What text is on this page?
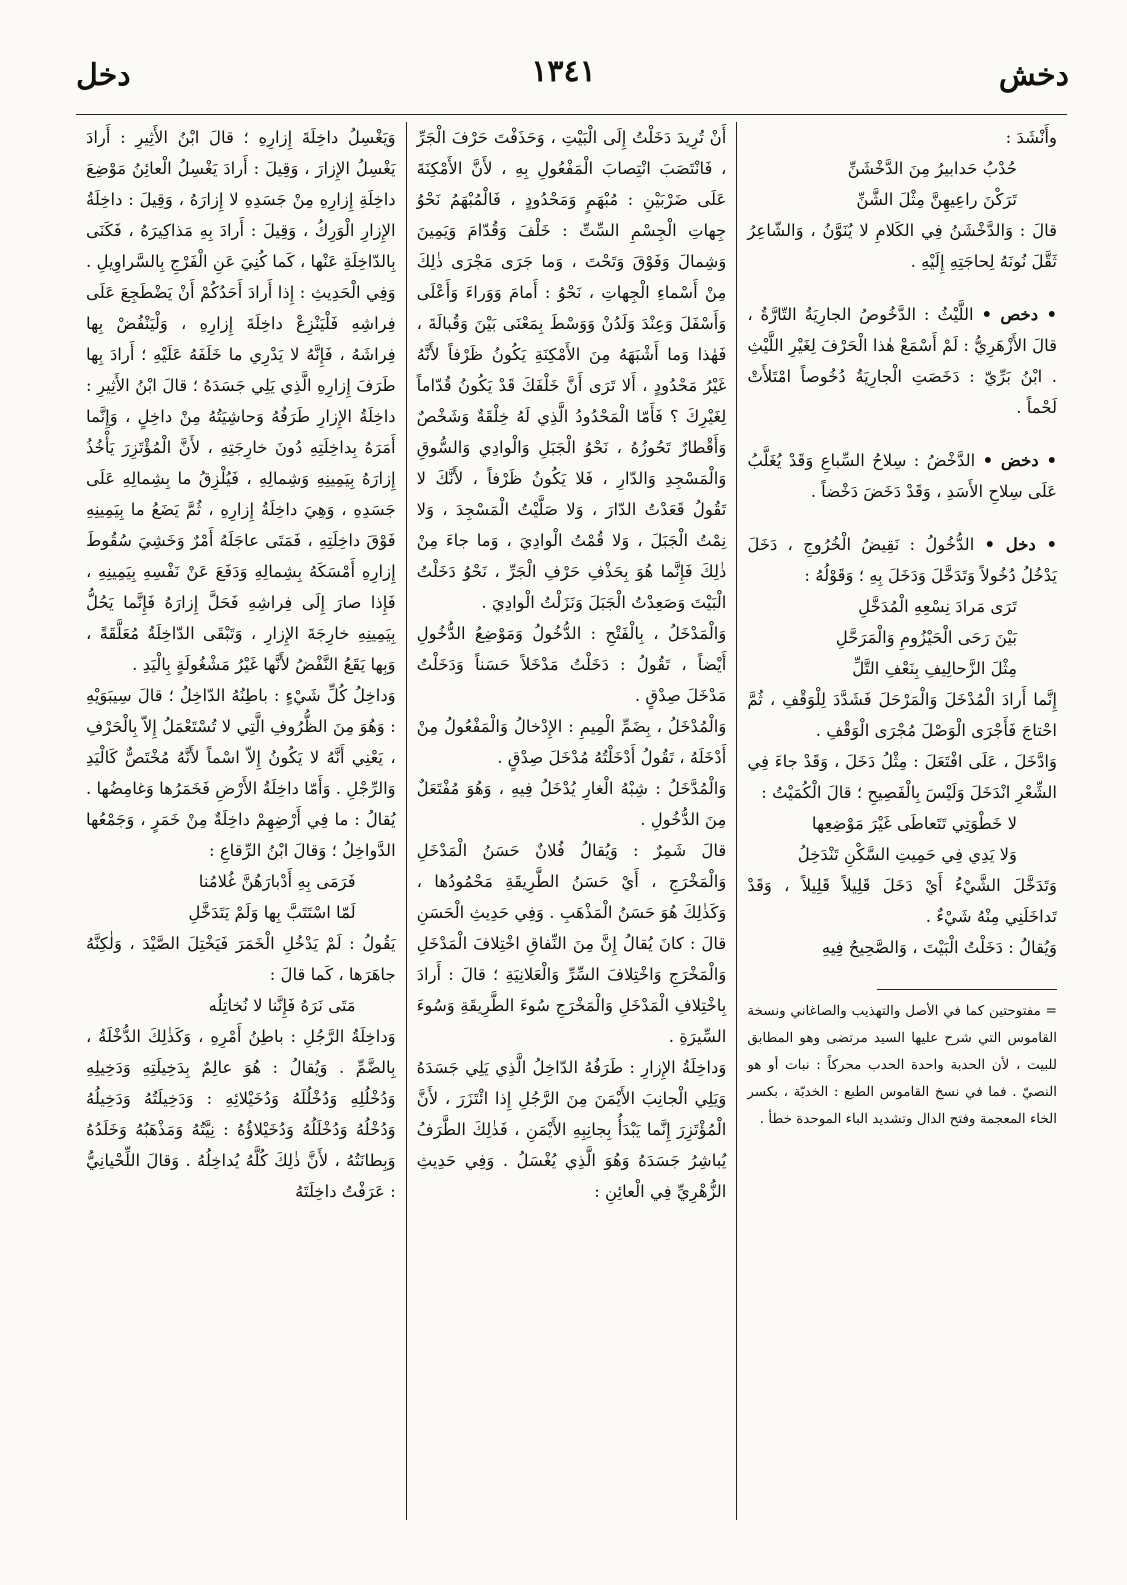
دخش
١٣٤١
دخل
وأَنْشَدَ :
حُدْبُ حَدابيرُ مِنَ الدَّخْشَنِّ
تَرَكْنَ راعِيهِنَّ مِثْلَ الشَّنِّ
قالَ : وَالدَّخْشَنُ فِي الكَلامِ لا يُنَوَّنُ ، وَالشّاعِرُ ثَقَّلَ نُونَهُ لِحاجَتِهِ إِلَيْهِ .
• دخص • اللَّيْثُ : الدَّخُوصُ الجارِيَةُ التّارَّةُ ، قالَ الأَزْهَرِيُّ : لَمْ أَسْمَعْ هٰذا الْحَرْفَ لِغَيْرِ اللَّيْثِ . ابْنُ بَرِّيّ : دَخَصَتِ الْجارِيَةُ دُخُوصاً امْتَلأَتْ لَحْماً .
• دخض • الدَّخْضُ : سِلاحُ السِّباعِ وَقَدْ يُغَلَّبُ عَلَى سِلاحِ الأَسَدِ ، وَقَدْ دَخَضَ دَخْضاً .
• دخل • الدُّخُولُ : نَقِيضُ الْخُرُوجِ ، دَخَلَ يَدْخُلُ دُخُولاً وَتَدَخَّلَ وَدَخَلَ بِهِ ؛ وَقَوْلُهُ :
تَرَى مَرادَ نِسْعِهِ الْمُدَخَّلِ
بَيْنَ رَحَى الْحَيْزُومِ وَالْمَرَحَّلِ
مِثْلَ الزَّحالِيفِ بِنَعْفِ التَّلِّ
إِنَّما أَرادَ الْمُدْخَلَ وَالْمَرْحَلَ فَشَدَّدَ لِلْوَقْفِ ، ثُمَّ احْتاجَ فَأَجْرَى الْوَصْلَ مُجْرَى الْوَقْفِ .
وَادَّخَلَ ، عَلَى افْتَعَلَ : مِثْلُ دَخَلَ ، وَقَدْ جاءَ فِي الشِّعْرِ انْدَخَلَ وَلَيْسَ بِالْفَصِيحِ ؛ قالَ الْكُمَيْتُ :
لا خَطْوَتِي تَتَعاطَى غَيْرَ مَوْضِعِها
وَلا يَدِي فِي حَمِيتِ السَّكْنِ تَنْدَخِلُ
وَتَدَخَّلَ الشَّيْءُ أَيْ دَخَلَ قَلِيلاً قَلِيلاً ، وَقَدْ تَداخَلَنِي مِنْهُ شَيْءٌ .
وَيُقالُ : دَخَلْتُ الْبَيْتَ ، وَالصَّحِيحُ فِيهِ
= مفتوحتين كما في الأصل والتهذيب والصاغاني ونسخة القاموس التي شرح عليها السيد مرتضى وهو المطابق للبيت ، لأن الحدبة واحدة الحدب محركاً : نبات أو هو النصيّ . فما في نسخ القاموس الطبع : الخدبّة ، بكسر الخاء المعجمة وفتح الدال وتشديد الباء الموحدة خطأ .
أَنْ تُرِيدَ دَخَلْتُ إِلَى الْبَيْتِ ، وَحَذَفْتَ حَرْفَ الْجَرِّ ، فَانْتَصَبَ انْتِصابَ الْمَفْعُولِ بِهِ ، لأَنَّ الأَمْكِنَةَ عَلَى ضَرْبَيْنِ : مُبْهَمٍ وَمَحْدُودٍ ، فَالْمُبْهَمُ نَحْوُ جِهاتِ الْجِسْمِ السِّتِّ : خَلْفَ وَقُدّامَ وَيَمِينَ وَشِمالَ وَفَوْقَ وَتَحْتَ ، وَما جَرَى مَجْرَى ذٰلِكَ مِنْ أَسْماءِ الْجِهاتِ ، نَحْوُ : أَمامَ وَوَراءَ وَأَعْلَى وَأَسْفَلَ وَعِنْدَ وَلَدُنْ وَوَسْطَ بِمَعْنَى بَيْنَ وَقُبالَةَ ، فَهٰذا وَما أَشْبَهَهُ مِنَ الأَمْكِنَةِ يَكُونُ ظَرْفاً لأَنَّهُ غَيْرُ مَحْدُودٍ ، أَلا تَرَى أَنَّ خَلْفَكَ قَدْ يَكُونُ قُدّاماً لِغَيْرِكَ ؟ فَأَمّا الْمَحْدُودُ الَّذِي لَهُ خِلْقَةٌ وَشَخْصٌ وَأَقْطارٌ تَحُوزُهُ ، نَحْوُ الْجَبَلِ وَالْوادِي وَالسُّوقِ وَالْمَسْجِدِ وَالدّارِ ، فَلا يَكُونُ ظَرْفاً ، لأَنَّكَ لا تَقُولُ قَعَدْتُ الدّارَ ، وَلا صَلَّيْتُ الْمَسْجِدَ ، وَلا نِمْتُ الْجَبَلَ ، وَلا قُمْتُ الْوادِيَ ، وَما جاءَ مِنْ ذٰلِكَ فَإِنَّما هُوَ بِحَذْفِ حَرْفِ الْجَرِّ ، نَحْوُ دَخَلْتُ الْبَيْتَ وَصَعِدْتُ الْجَبَلَ وَنَزَلْتُ الْوادِيَ .
وَالْمَدْخَلُ ، بِالْفَتْحِ : الدُّخُولُ وَمَوْضِعُ الدُّخُولِ أَيْضاً ، تَقُولُ : دَخَلْتُ مَدْخَلاً حَسَناً وَدَخَلْتُ مَدْخَلَ صِدْقٍ .
وَالْمُدْخَلُ ، بِضَمِّ الْمِيمِ : الإِدْخالُ وَالْمَفْعُولُ مِنْ أَدْخَلَهُ ، تَقُولُ أَدْخَلْتُهُ مُدْخَلَ صِدْقٍ .
وَالْمُدَّخَلُ : شِبْهُ الْغارِ يُدْخَلُ فِيهِ ، وَهُوَ مُفْتَعَلٌ مِنَ الدُّخُولِ .
قالَ شَمِرٌ : وَيُقالُ فُلانٌ حَسَنُ الْمَدْخَلِ وَالْمَخْرَجِ ، أَيْ حَسَنُ الطَّرِيقَةِ مَحْمُودُها ، وَكَذٰلِكَ هُوَ حَسَنُ الْمَذْهَبِ . وَفِي حَدِيثِ الْحَسَنِ قالَ : كانَ يُقالُ إِنَّ مِنَ النِّفاقِ اخْتِلافَ الْمَدْخَلِ وَالْمَخْرَجِ وَاخْتِلافَ السِّرِّ وَالْعَلانِيَةِ ؛ قالَ : أَرادَ بِاخْتِلافِ الْمَدْخَلِ وَالْمَخْرَجِ سُوءَ الطَّرِيقَةِ وَسُوءَ السِّيرَةِ .
وَداخِلَةُ الإِزارِ : طَرَفُهُ الدّاخِلُ الَّذِي يَلِي جَسَدَهُ وَيَلِي الْجانِبَ الأَيْمَنَ مِنَ الرَّجُلِ إِذا ائْتَزَرَ ، لأَنَّ الْمُؤْتَزِرَ إِنَّما يَبْدَأُ بِجانِبِهِ الأَيْمَنِ ، فَذٰلِكَ الطَّرَفُ يُباشِرُ جَسَدَهُ وَهُوَ الَّذِي يُغْسَلُ . وَفِي حَدِيثِ الزُّهْرِيِّ فِي الْعائِنِ :
وَيَغْسِلُ داخِلَةَ إِزارِهِ ؛ قالَ ابْنُ الأَثِيرِ : أَرادَ يَغْسِلُ الإِزارَ ، وَقِيلَ : أَرادَ يَغْسِلُ الْعائِنُ مَوْضِعَ داخِلَةِ إِزارِهِ مِنْ جَسَدِهِ لا إِزارَهُ ، وَقِيلَ : داخِلَةُ الإِزارِ الْوَرِكُ ، وَقِيلَ : أَرادَ بِهِ مَذاكِيرَهُ ، فَكَنَى بِالدّاخِلَةِ عَنْها ، كَما كُنِيَ عَنِ الْفَرْجِ بِالسَّراوِيلِ . وَفِي الْحَدِيثِ : إِذا أَرادَ أَحَدُكُمْ أَنْ يَضْطَجِعَ عَلَى فِراشِهِ فَلْيَنْزِعْ داخِلَةَ إِزارِهِ ، وَلْيَنْفُضْ بِها فِراشَهُ ، فَإِنَّهُ لا يَدْرِي ما خَلَفَهُ عَلَيْهِ ؛ أَرادَ بِها طَرَفَ إِزارِهِ الَّذِي يَلِي جَسَدَهُ ؛ قالَ ابْنُ الأَثِيرِ : داخِلَةُ الإِزارِ طَرَفُهُ وَحاشِيَتُهُ مِنْ داخِلٍ ، وَإِنَّما أَمَرَهُ بِداخِلَتِهِ دُونَ خارِجَتِهِ ، لأَنَّ الْمُؤْتَزِرَ يَأْخُذُ إِزارَهُ بِيَمِينِهِ وَشِمالِهِ ، فَيُلْزِقُ ما بِشِمالِهِ عَلَى جَسَدِهِ ، وَهِيَ داخِلَةُ إِزارِهِ ، ثُمَّ يَضَعُ ما بِيَمِينِهِ فَوْقَ داخِلَتِهِ ، فَمَتَى عاجَلَهُ أَمْرٌ وَخَشِيَ سُقُوطَ إِزارِهِ أَمْسَكَهُ بِشِمالِهِ وَدَفَعَ عَنْ نَفْسِهِ بِيَمِينِهِ ، فَإِذا صارَ إِلَى فِراشِهِ فَحَلَّ إِزارَهُ فَإِنَّما يَحُلُّ بِيَمِينِهِ خارِجَةَ الإِزارِ ، وَتَبْقَى الدّاخِلَةُ مُعَلَّقَةً ، وَبِها يَقَعُ النَّفْضُ لأَنَّها غَيْرُ مَشْغُولَةٍ بِالْيَدِ .
وَداخِلُ كُلِّ شَيْءٍ : باطِنُهُ الدّاخِلُ ؛ قالَ سِيبَوَيْهِ : وَهُوَ مِنَ الظُّرُوفِ الَّتِي لا تُسْتَعْمَلُ إِلاّ بِالْحَرْفِ ، يَعْنِي أَنَّهُ لا يَكُونُ إِلاّ اسْماً لأَنَّهُ مُخْتَصٌّ كَالْيَدِ وَالرِّجْلِ . وَأَمّا داخِلَةُ الأَرْضِ فَخَمَرُها وَغامِضُها . يُقالُ : ما فِي أَرْضِهِمْ داخِلَةٌ مِنْ خَمَرٍ ، وَجَمْعُها الدَّواخِلُ ؛ وَقالَ ابْنُ الرِّقاعِ :
فَرَمَى بِهِ أَدْبارَهُنَّ غُلامُنا
لَمّا اسْتَتَبَّ بِها وَلَمْ يَتَدَخَّلِ
يَقُولُ : لَمْ يَدْخُلِ الْخَمَرَ فَيَخْتِلَ الصَّيْدَ ، وَلٰكِنَّهُ جاهَرَها ، كَما قالَ :
مَتَى نَرَهُ فَإِنَّنا لا نُخاتِلُه
وَداخِلَةُ الرَّجُلِ : باطِنُ أَمْرِهِ ، وَكَذٰلِكَ الدُّخْلَةُ ، بِالضَّمِّ . وَيُقالُ : هُوَ عالِمٌ بِدَخِيلَتِهِ وَدَخِيلِهِ وَدُخْلُلِهِ وَدُخْلُلَهُ وَدُخَيْلائِهِ : وَدَخِيلَتُهُ وَدَخِيلُهُ وَدُخْلُهُ وَدُخْلَلُهُ وَدُخَيْلاؤُهُ : نِيَّتُهُ وَمَذْهَبُهُ وَخَلَدُهُ وَبِطانَتُهُ ، لأَنَّ ذٰلِكَ كُلَّهُ يُداخِلُهُ . وَقالَ اللِّحْيانِيُّ : عَرَفْتُ داخِلَتَهُ
